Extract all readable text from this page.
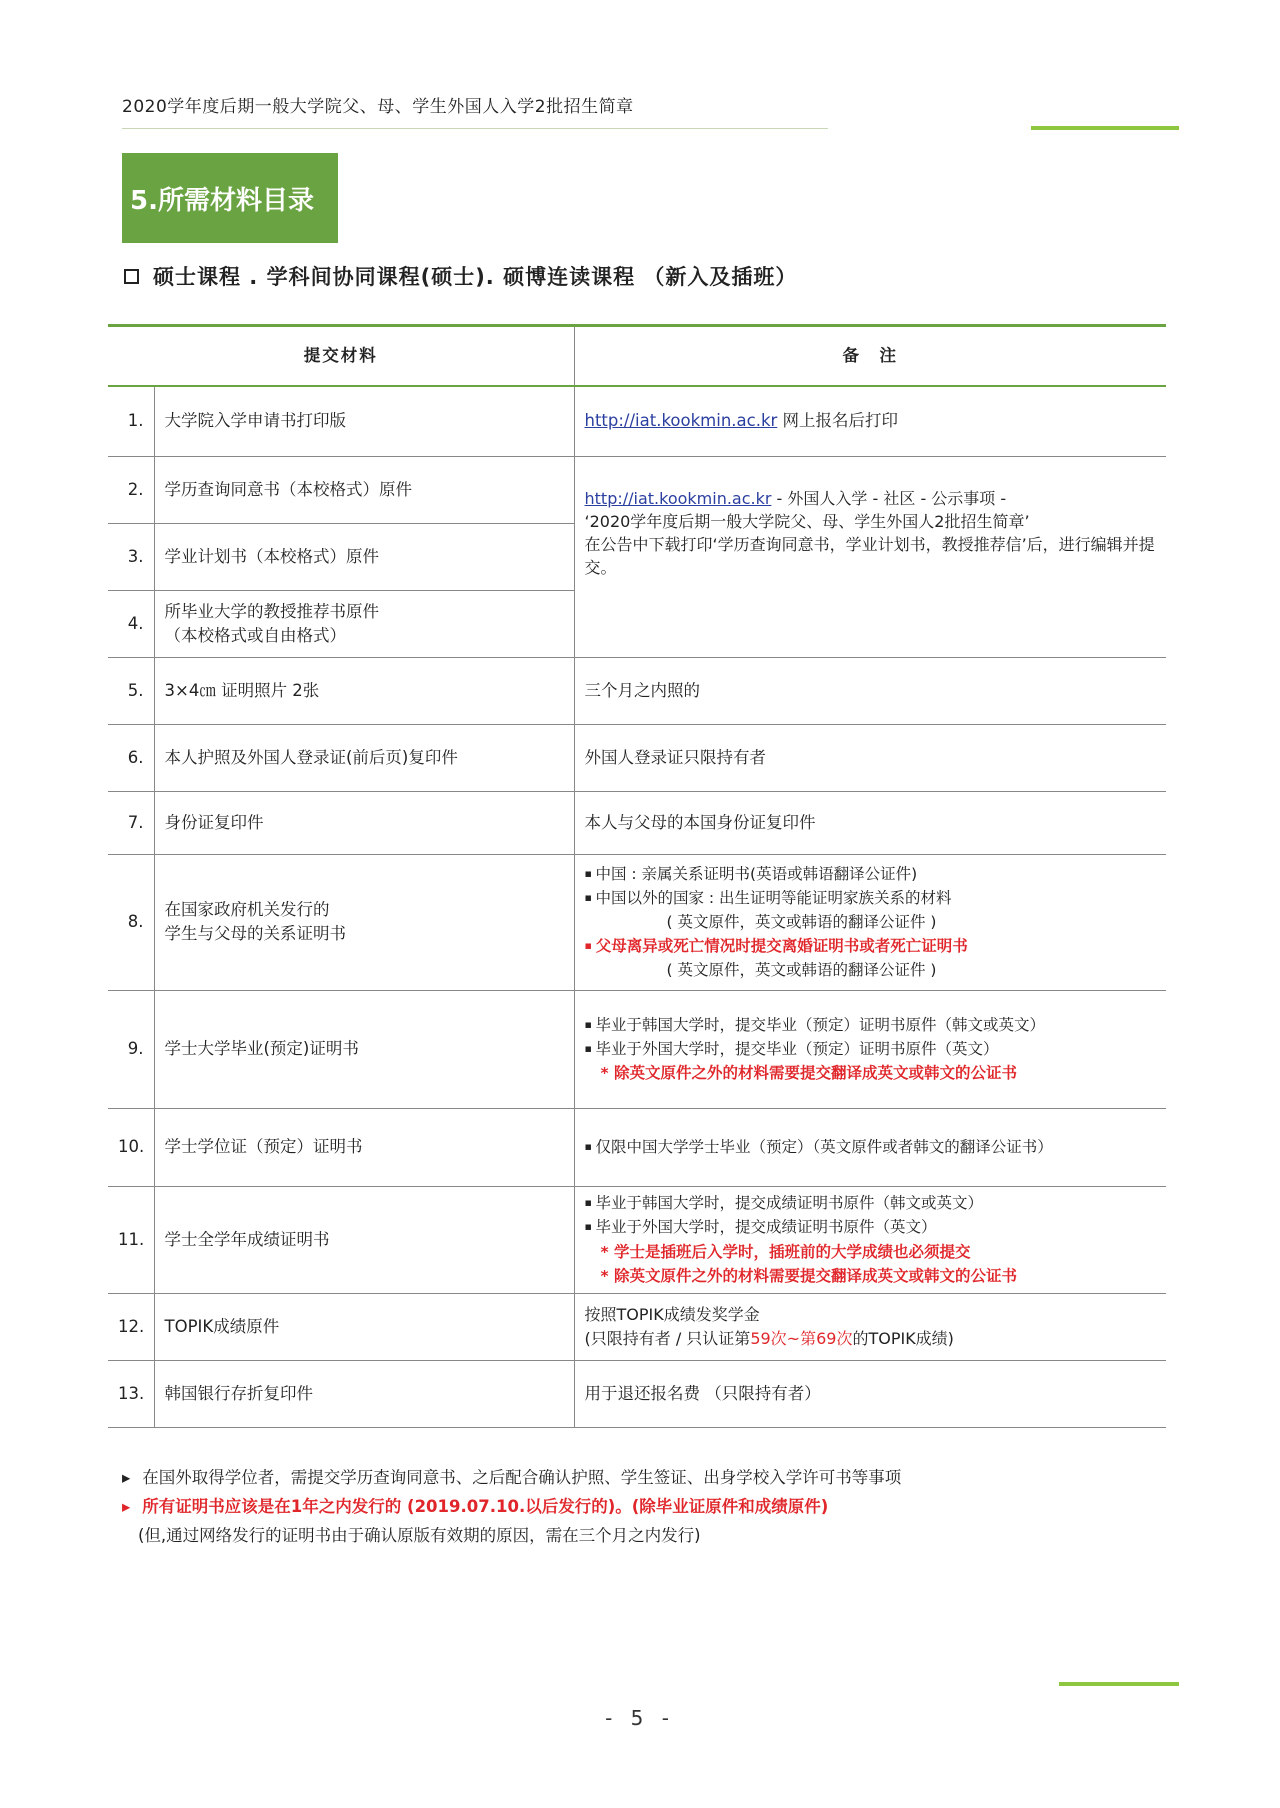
2020学年度后期一般大学院父、母、学生外国人入学2批招生简章
5.所需材料目录
硕士课程 . 学科间协同课程(硕士). 硕博连读课程 （新入及插班）
提交材料		备　注
1.	大学院入学申请书打印版	http://iat.kookmin.ac.kr 网上报名后打印
2.	学历查询同意书（本校格式）原件	http://iat.kookmin.ac.kr - 外国人入学 - 社区 - 公示事项 -
‘2020学年度后期一般大学院父、母、学生外国人2批招生简章’
在公告中下载打印‘学历查询同意书，学业计划书，教授推荐信’后，进行编辑并提交。
3.	学业计划书（本校格式）原件	
4.	所毕业大学的教授推荐书原件
（本校格式或自由格式）	
5.	3×4㎝ 证明照片 2张	三个月之内照的
6.	本人护照及外国人登录证(前后页)复印件	外国人登录证只限持有者
7.	身份证复印件	本人与父母的本国身份证复印件
8.	在国家政府机关发行的
学生与父母的关系证明书	▪ 中国 : 亲属关系证明书(英语或韩语翻译公证件)
▪ 中国以外的国家 : 出生证明等能证明家族关系的材料
( 英文原件，英文或韩语的翻译公证件 )
▪ 父母离异或死亡情况时提交离婚证明书或者死亡证明书
( 英文原件，英文或韩语的翻译公证件 )

9.	学士大学毕业(预定)证明书	▪ 毕业于韩国大学时，提交毕业（预定）证明书原件（韩文或英文）
▪ 毕业于外国大学时，提交毕业（预定）证明书原件（英文）
* 除英文原件之外的材料需要提交翻译成英文或韩文的公证书

10.	学士学位证（预定）证明书	▪ 仅限中国大学学士毕业（预定）（英文原件或者韩文的翻译公证书）

11.	学士全学年成绩证明书	▪ 毕业于韩国大学时，提交成绩证明书原件（韩文或英文）
▪ 毕业于外国大学时，提交成绩证明书原件（英文）
* 学士是插班后入学时，插班前的大学成绩也必须提交
* 除英文原件之外的材料需要提交翻译成英文或韩文的公证书

12.	TOPIK成绩原件	按照TOPIK成绩发奖学金
(只限持有者 / 只认证第59次~第69次的TOPIK成绩)
13.	韩国银行存折复印件	用于退还报名费 （只限持有者）
▸ 在国外取得学位者，需提交学历查询同意书、之后配合确认护照、学生签证、出身学校入学许可书等事项
▸ 所有证明书应该是在1年之内发行的 (2019.07.10.以后发行的)。(除毕业证原件和成绩原件)
(但,通过网络发行的证明书由于确认原版有效期的原因，需在三个月之内发行)
- 5 -
